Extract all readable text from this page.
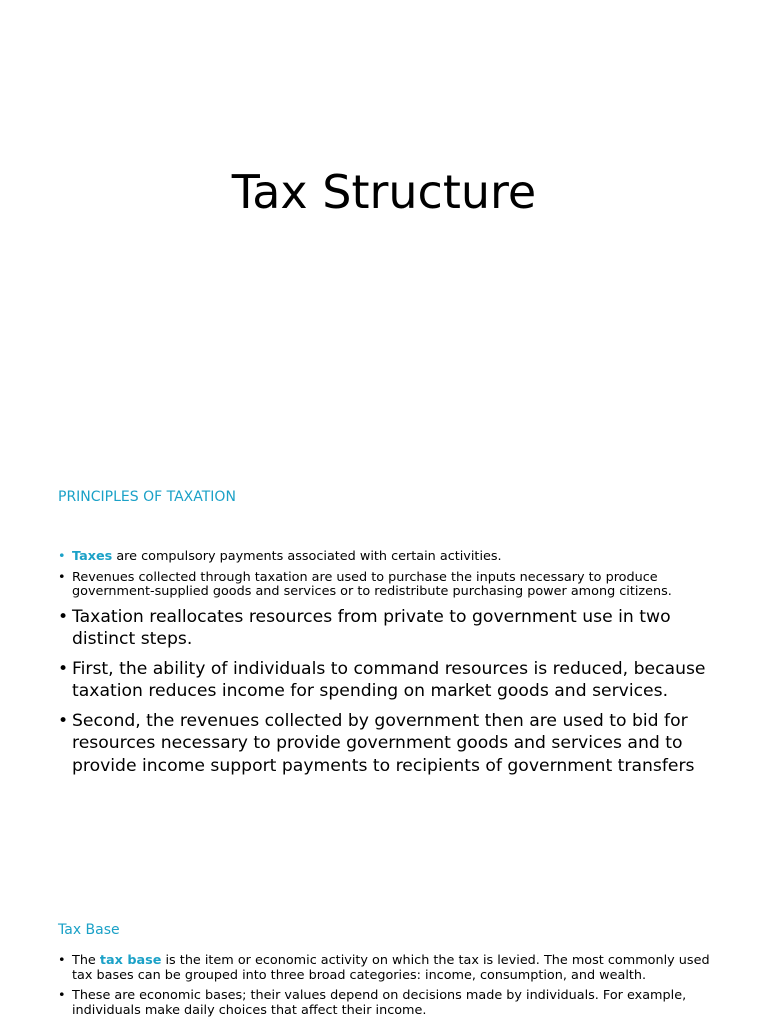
Tax Structure
PRINCIPLES OF TAXATION
• Taxes are compulsory payments associated with certain activities.
• Revenues collected through taxation are used to purchase the inputs necessary to produce government-supplied goods and services or to redistribute purchasing power among citizens.
• Taxation reallocates resources from private to government use in two distinct steps.
• First, the ability of individuals to command resources is reduced, because taxation reduces income for spending on market goods and services.
• Second, the revenues collected by government then are used to bid for resources necessary to provide government goods and services and to provide income support payments to recipients of government transfers
Tax Base
• The tax base is the item or economic activity on which the tax is levied. The most commonly used tax bases can be grouped into three broad categories: income, consumption, and wealth.
• These are economic bases; their values depend on decisions made by individuals. For example, individuals make daily choices that affect their income.
